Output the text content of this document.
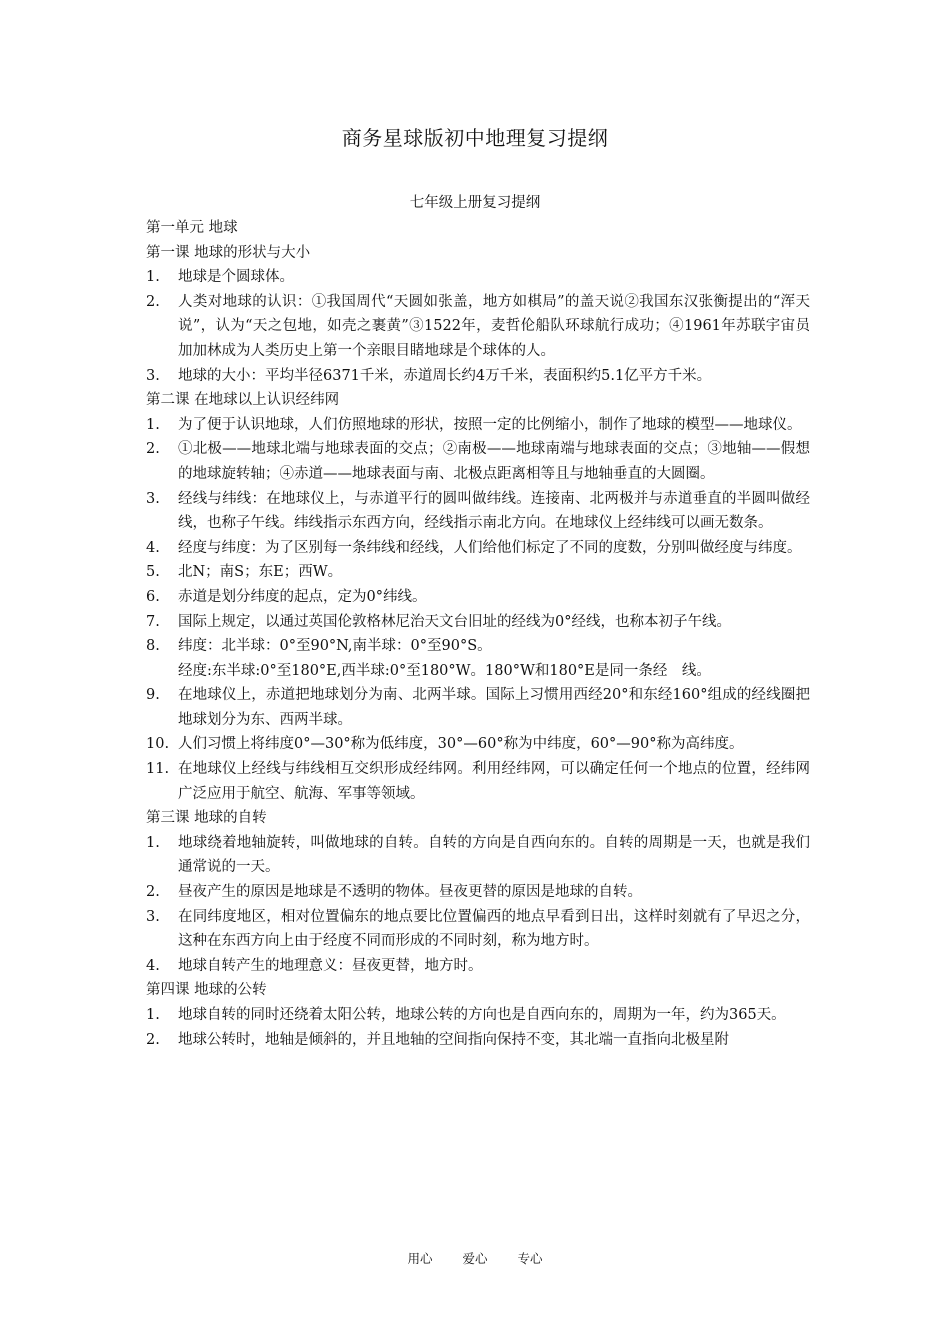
商务星球版初中地理复习提纲
七年级上册复习提纲

第一单元 地球

第一课 地球的形状与大小

1.	地球是个圆球体。
2.	人类对地球的认识：①我国周代“天圆如张盖，地方如棋局”的盖天说②我国东汉张衡提出的“浑天说”，认为“天之包地，如壳之裹黄”③1522年，麦哲伦船队环球航行成功；④1961年苏联宇宙员加加林成为人类历史上第一个亲眼目睹地球是个球体的人。
3.	地球的大小：平均半径6371千米，赤道周长约4万千米，表面积约5.1亿平方千米。

第二课 在地球以上认识经纬网

1.	为了便于认识地球，人们仿照地球的形状，按照一定的比例缩小，制作了地球的模型——地球仪。
2.	①北极——地球北端与地球表面的交点；②南极——地球南端与地球表面的交点；③地轴——假想的地球旋转轴；④赤道——地球表面与南、北极点距离相等且与地轴垂直的大圆圈。
3.	经线与纬线：在地球仪上，与赤道平行的圆叫做纬线。连接南、北两极并与赤道垂直的半圆叫做经线，也称子午线。纬线指示东西方向，经线指示南北方向。在地球仪上经纬线可以画无数条。
4.	经度与纬度：为了区别每一条纬线和经线，人们给他们标定了不同的度数，分别叫做经度与纬度。
5.	北N；南S；东E；西W。
6.	赤道是划分纬度的起点，定为0°纬线。
7.	国际上规定，以通过英国伦敦格林尼治天文台旧址的经线为0°经线，也称本初子午线。
8.	纬度：北半球：0°至90°N,南半球：0°至90°S。
经度:东半球:0°至180°E,西半球:0°至180°W。180°W和180°E是同一条经　线。
9.	在地球仪上，赤道把地球划分为南、北两半球。国际上习惯用西经20°和东经160°组成的经线圈把地球划分为东、西两半球。
10. 人们习惯上将纬度0°—30°称为低纬度，30°—60°称为中纬度，60°—90°称为高纬度。
11. 在地球仪上经线与纬线相互交织形成经纬网。利用经纬网，可以确定任何一个地点的位置，经纬网广泛应用于航空、航海、军事等领域。

第三课 地球的自转

1.	地球绕着地轴旋转，叫做地球的自转。自转的方向是自西向东的。自转的周期是一天，也就是我们通常说的一天。
2.	昼夜产生的原因是地球是不透明的物体。昼夜更替的原因是地球的自转。
3.	在同纬度地区，相对位置偏东的地点要比位置偏西的地点早看到日出，这样时刻就有了早迟之分，这种在东西方向上由于经度不同而形成的不同时刻，称为地方时。
4.	地球自转产生的地理意义：昼夜更替，地方时。

第四课 地球的公转

1.	地球自转的同时还绕着太阳公转，地球公转的方向也是自西向东的，周期为一年，约为365天。
2.	地球公转时，地轴是倾斜的，并且地轴的空间指向保持不变，其北端一直指向北极星附
用心 爱心 专心
